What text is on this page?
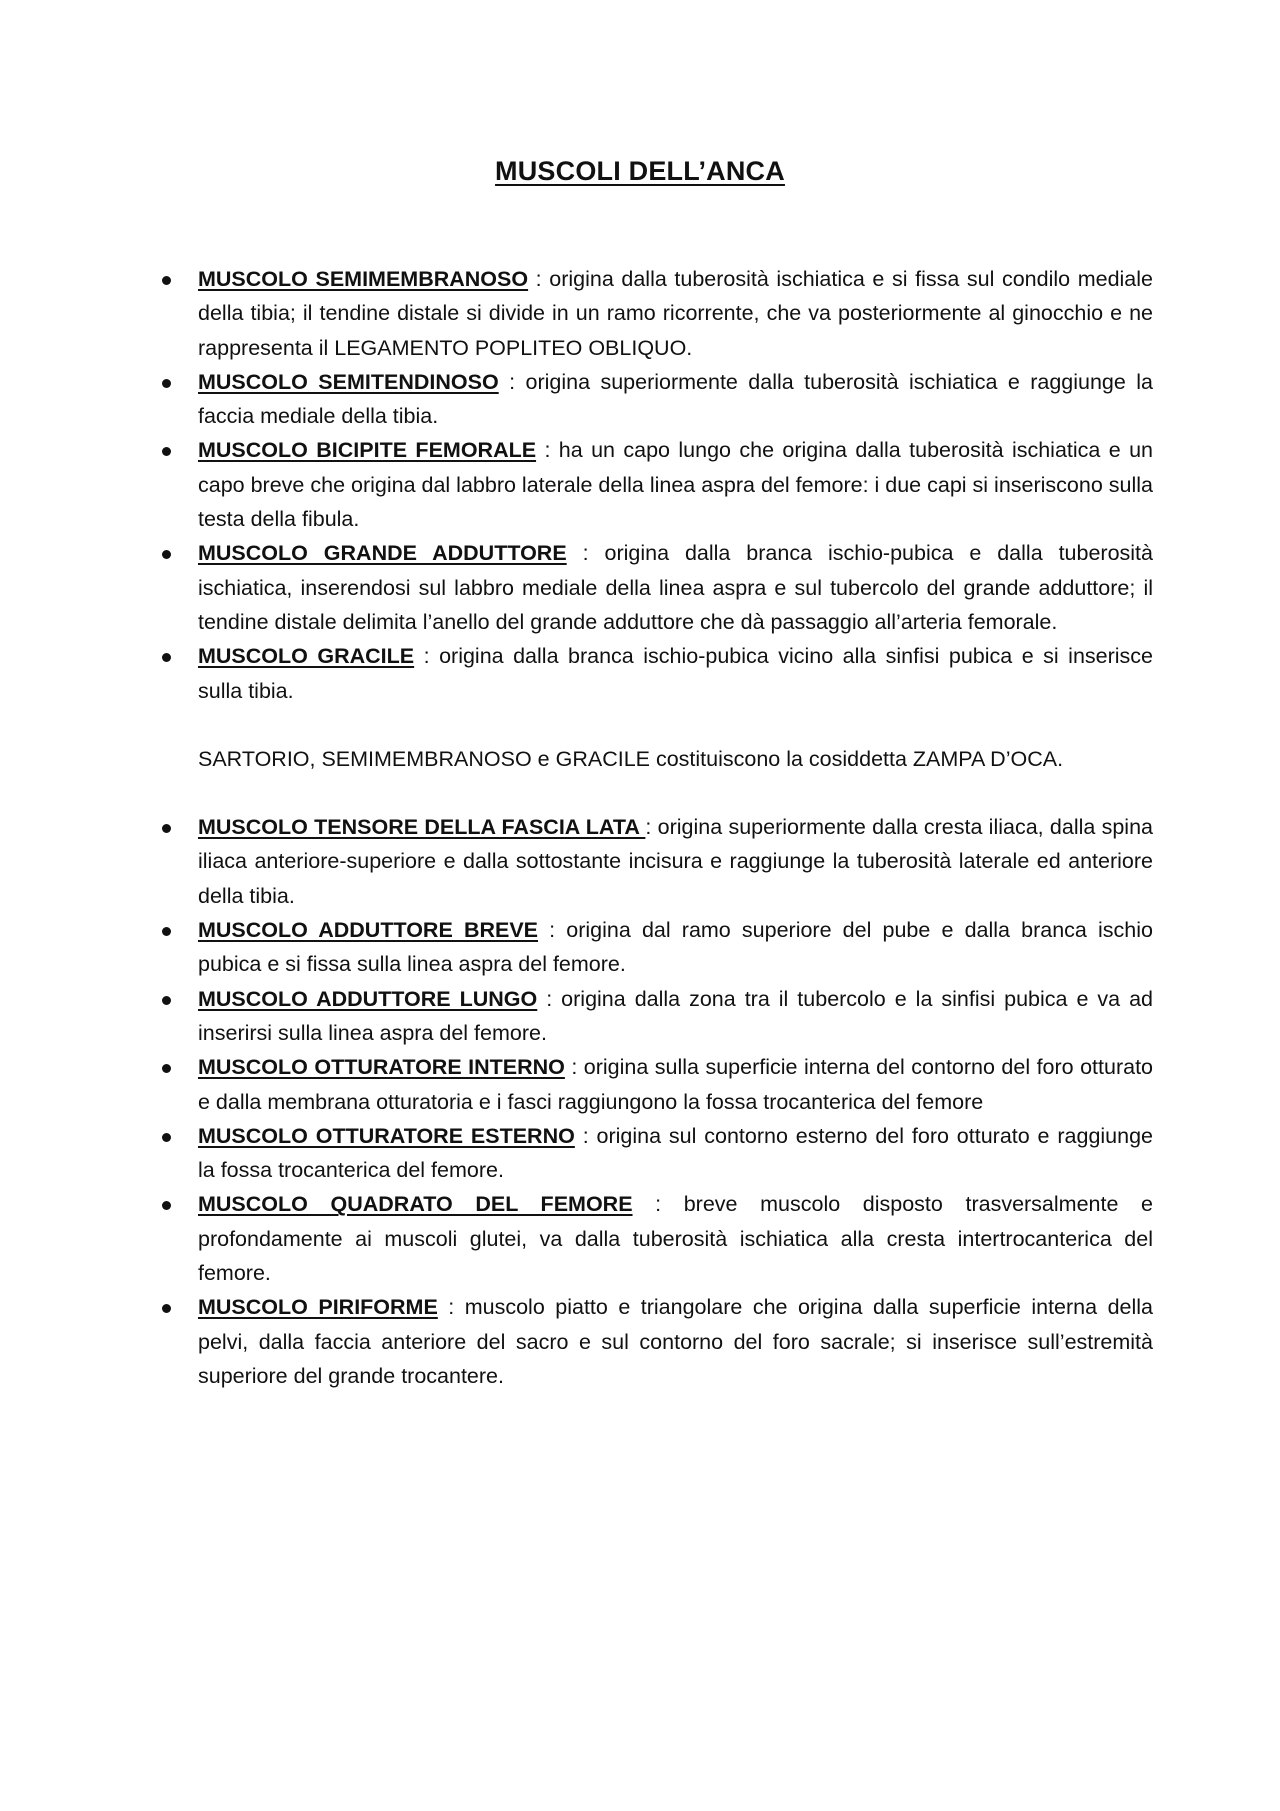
MUSCOLI DELL’ANCA
MUSCOLO SEMIMEMBRANOSO : origina dalla tuberosità ischiatica e si fissa sul condilo mediale della tibia; il tendine distale si divide in un ramo ricorrente, che va posteriormente al ginocchio e ne rappresenta il LEGAMENTO POPLITEO OBLIQUO.
MUSCOLO SEMITENDINOSO : origina superiormente dalla tuberosità ischiatica e raggiunge la faccia mediale della tibia.
MUSCOLO BICIPITE FEMORALE : ha un capo lungo che origina dalla tuberosità ischiatica e un capo breve che origina dal labbro laterale della linea aspra del femore: i due capi si inseriscono sulla testa della fibula.
MUSCOLO GRANDE ADDUTTORE : origina dalla branca ischio-pubica e dalla tuberosità ischiatica, inserendosi sul labbro mediale della linea aspra e sul tubercolo del grande adduttore; il tendine distale delimita l’anello del grande adduttore che dà passaggio all’arteria femorale.
MUSCOLO GRACILE : origina dalla branca ischio-pubica vicino alla sinfisi pubica e si inserisce sulla tibia.

SARTORIO, SEMIMEMBRANOSO e GRACILE costituiscono la cosiddetta ZAMPA D’OCA.

MUSCOLO TENSORE DELLA FASCIA LATA : origina superiormente dalla cresta iliaca, dalla spina iliaca anteriore-superiore e dalla sottostante incisura e raggiunge la tuberosità laterale ed anteriore della tibia.
MUSCOLO ADDUTTORE BREVE : origina dal ramo superiore del pube e dalla branca ischio pubica e si fissa sulla linea aspra del femore.
MUSCOLO ADDUTTORE LUNGO : origina dalla zona tra il tubercolo e la sinfisi pubica e va ad inserirsi sulla linea aspra del femore.
MUSCOLO OTTURATORE INTERNO : origina sulla superficie interna del contorno del foro otturato e dalla membrana otturatoria e i fasci raggiungono la fossa trocanterica del femore
MUSCOLO OTTURATORE ESTERNO : origina sul contorno esterno del foro otturato e raggiunge la fossa trocanterica del femore.
MUSCOLO QUADRATO DEL FEMORE : breve muscolo disposto trasversalmente e profondamente ai muscoli glutei, va dalla tuberosità ischiatica alla cresta intertrocanterica del femore.
MUSCOLO PIRIFORME : muscolo piatto e triangolare che origina dalla superficie interna della pelvi, dalla faccia anteriore del sacro e sul contorno del foro sacrale; si inserisce sull’estremità superiore del grande trocantere.
